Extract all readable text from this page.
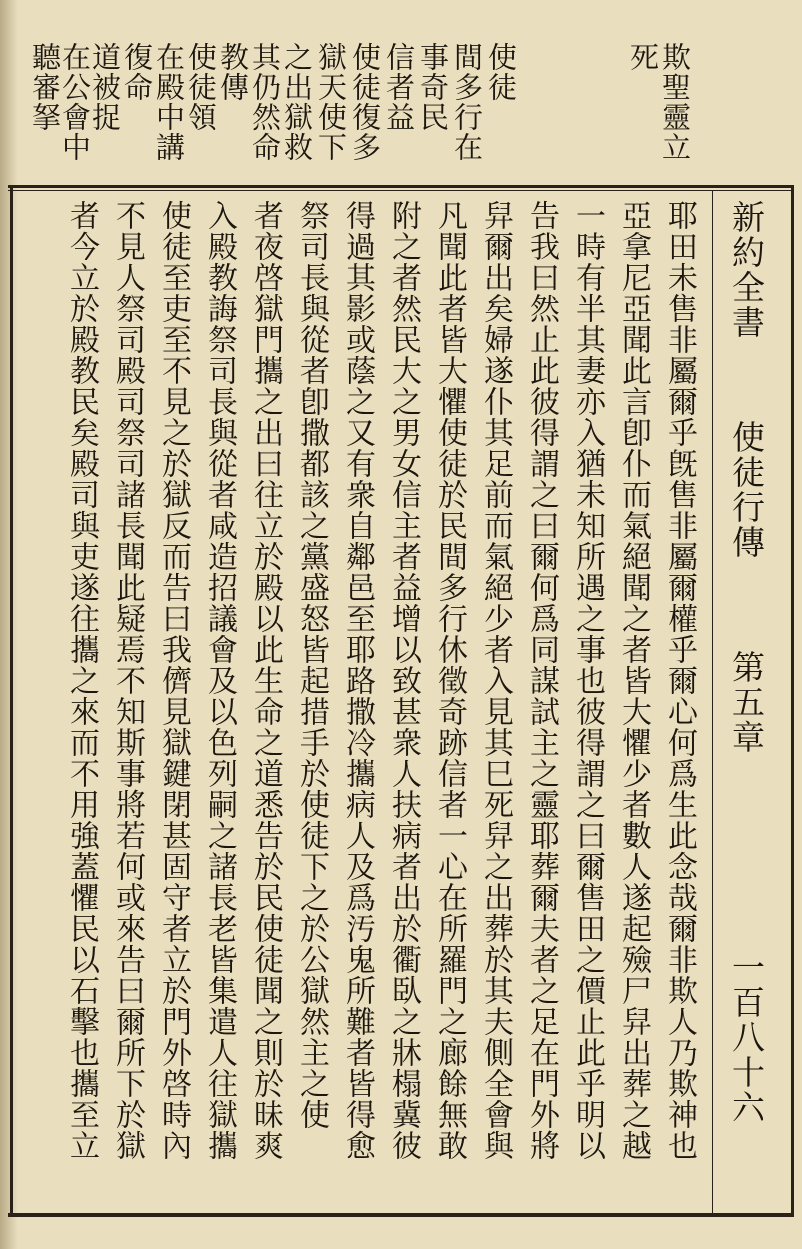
欺聖靈立
死
使徒
間多行在
事奇民
信者益
使徒復多
獄天使下
之出獄救
其仍然命
教傳
使徒領
在殿中講
復命
道被捉
在公會中
聽審拏
新約全書
使徒行傳
第五章
一百八十六
耶田未售非屬爾乎旣售非屬爾權乎爾心何爲生此念哉爾非欺人乃欺神也
亞拿尼亞聞此言卽仆而氣絕聞之者皆大懼少者數人遂起殮尸舁出葬之越
一時有半其妻亦入猶未知所遇之事也彼得謂之曰爾售田之價止此乎明以
告我曰然止此彼得謂之曰爾何爲同謀試主之靈耶葬爾夫者之足在門外將
舁爾出矣婦遂仆其足前而氣絕少者入見其巳死舁之出葬於其夫側全會與
凡聞此者皆大懼使徒於民間多行休徵奇跡信者一心在所羅門之廊餘無敢
附之者然民大之男女信主者益增以致甚衆人扶病者出於衢臥之牀榻冀彼
得過其影或蔭之又有衆自鄰邑至耶路撒冷攜病人及爲汚鬼所難者皆得愈
祭司長與從者卽撒都該之黨盛怒皆起措手於使徒下之於公獄然主之使
者夜啓獄門攜之出曰往立於殿以此生命之道悉告於民使徒聞之則於昧爽
入殿教誨祭司長與從者咸造招議會及以色列嗣之諸長老皆集遣人往獄攜
使徒至吏至不見之於獄反而告曰我儕見獄鍵閉甚固守者立於門外啓時內
不見人祭司殿司祭司諸長聞此疑焉不知斯事將若何或來告曰爾所下於獄
者今立於殿教民矣殿司與吏遂往攜之來而不用強蓋懼民以石擊也攜至立
